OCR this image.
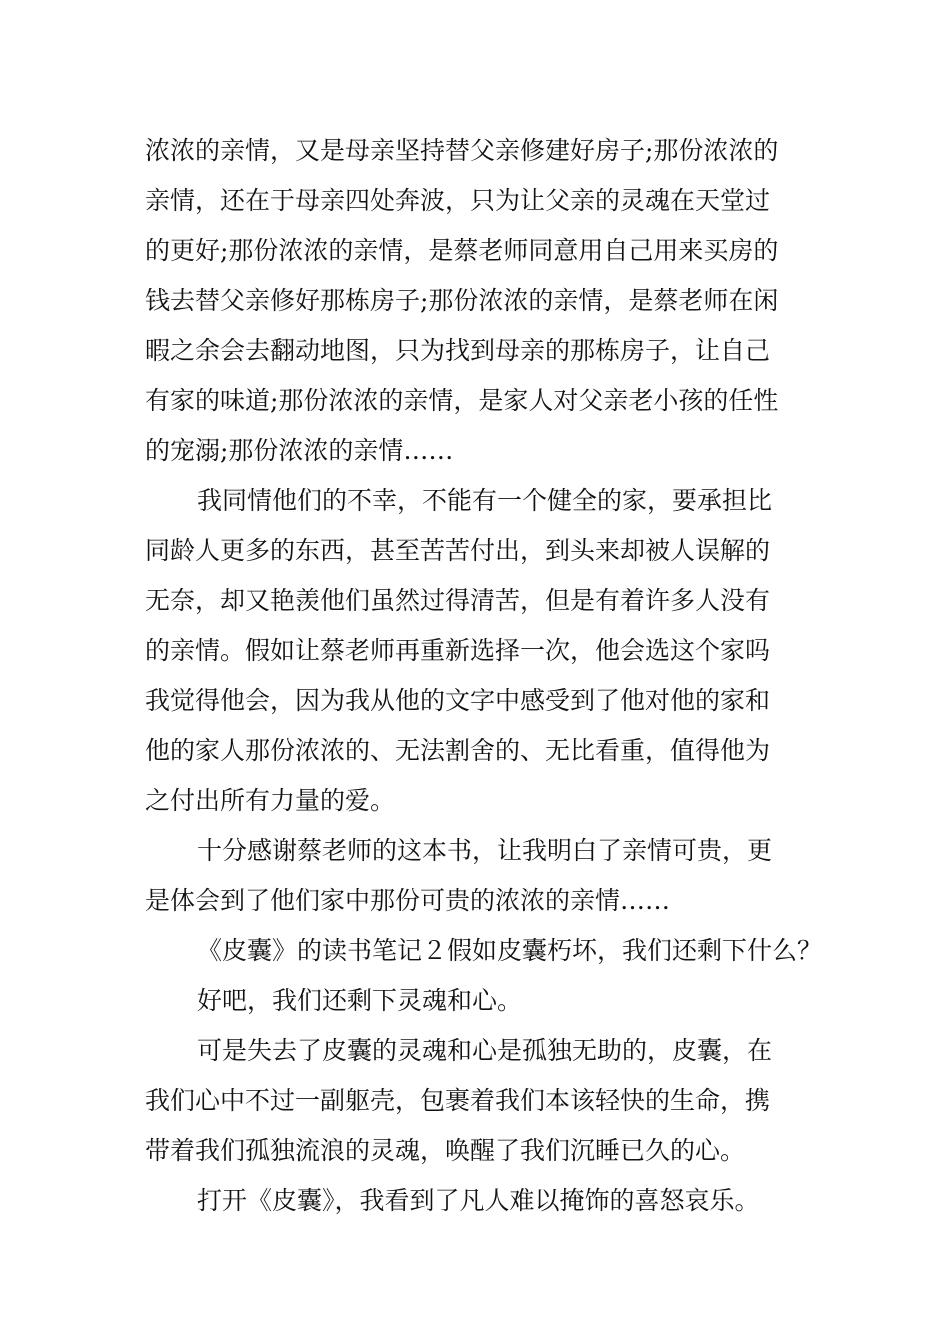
浓浓的亲情，又是母亲坚持替父亲修建好房子;那份浓浓的
亲情，还在于母亲四处奔波，只为让父亲的灵魂在天堂过
的更好;那份浓浓的亲情，是蔡老师同意用自己用来买房的
钱去替父亲修好那栋房子;那份浓浓的亲情，是蔡老师在闲
暇之余会去翻动地图，只为找到母亲的那栋房子，让自己
有家的味道;那份浓浓的亲情，是家人对父亲老小孩的任性
的宠溺;那份浓浓的亲情……
我同情他们的不幸，不能有一个健全的家，要承担比
同龄人更多的东西，甚至苦苦付出，到头来却被人误解的
无奈，却又艳羡他们虽然过得清苦，但是有着许多人没有
的亲情。假如让蔡老师再重新选择一次，他会选这个家吗
我觉得他会，因为我从他的文字中感受到了他对他的家和
他的家人那份浓浓的、无法割舍的、无比看重，值得他为
之付出所有力量的爱。
十分感谢蔡老师的这本书，让我明白了亲情可贵，更
是体会到了他们家中那份可贵的浓浓的亲情……
《皮囊》的读书笔记２假如皮囊朽坏，我们还剩下什么？
好吧，我们还剩下灵魂和心。
可是失去了皮囊的灵魂和心是孤独无助的，皮囊，在
我们心中不过一副躯壳，包裹着我们本该轻快的生命，携
带着我们孤独流浪的灵魂，唤醒了我们沉睡已久的心。
打开《皮囊》，我看到了凡人难以掩饰的喜怒哀乐。
